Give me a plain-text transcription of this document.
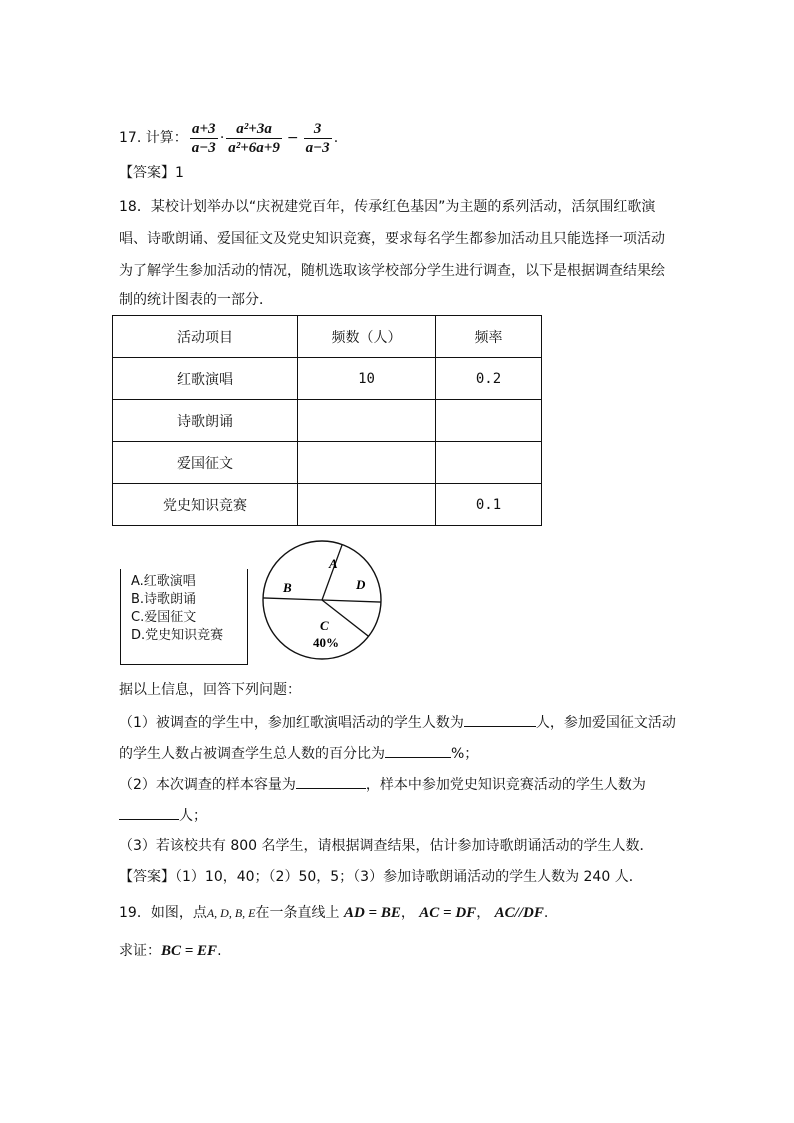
17. 计算： $\frac{a+3}{a-3} \cdot \frac{\text{a²+3a}}{\text{a²+6a+9}} - \frac{3}{a-3}$ .
【答案】1
18．某校计划举办以“庆祝建党百年，传承红色基因”为主题的系列活动，活氛围红歌演
唱、诗歌朗诵、爱国征文及党史知识竞赛，要求每名学生都参加活动且只能选择一项活动
为了解学生参加活动的情况，随机选取该学校部分学生进行调查，以下是根据调查结果绘
制的统计图表的一部分．
活动项目	频数（人）	频率
红歌演唱	10	0.2
诗歌朗诵		
爱国征文		
党史知识竞赛		0.1
A.红歌演唱
B.诗歌朗诵
C.爱国征文
D.党史知识竞赛
A
B	D
C
40%
据以上信息，回答下列问题：
（1）被调查的学生中，参加红歌演唱活动的学生人数为	人，参加爱国征文活动
的学生人数占被调查学生总人数的百分比为	%；
（2）本次调查的样本容量为	，样本中参加党史知识竞赛活动的学生人数为
人；
（3）若该校共有 800 名学生，请根据调查结果，估计参加诗歌朗诵活动的学生人数．
【答案】（1）10，40；（2）50，5；（3）参加诗歌朗诵活动的学生人数为 240 人．
19．如图，点A, D, B, E在一条直线上 AD = BE， AC = DF， AC//DF.
求证：BC = EF.
